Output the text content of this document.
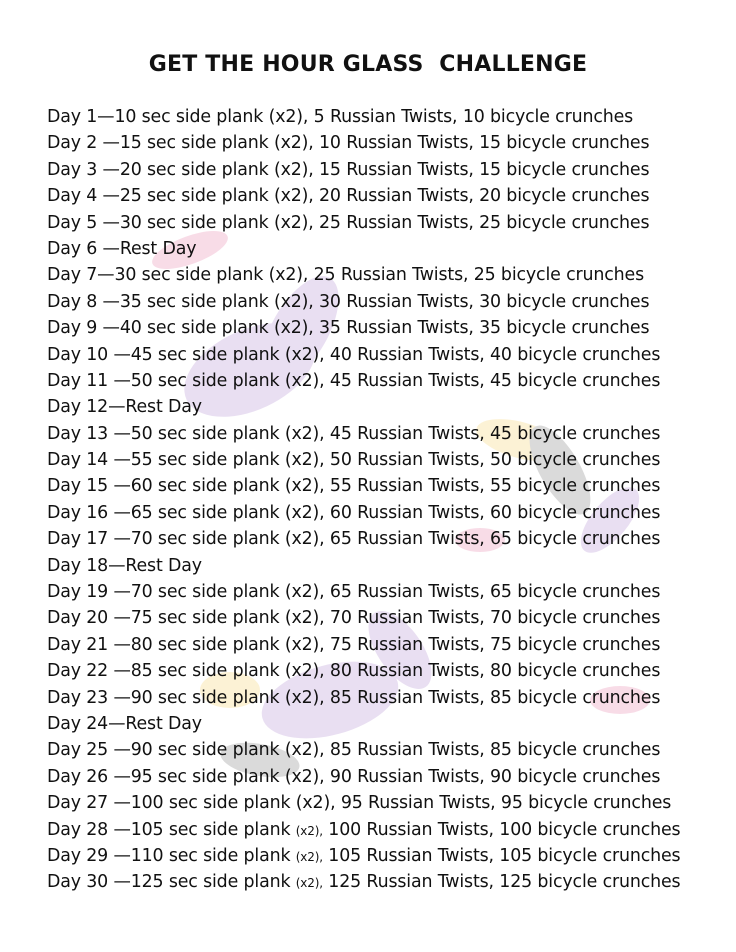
GET THE HOUR GLASS  CHALLENGE
Day 1—10 sec side plank (x2), 5 Russian Twists, 10 bicycle crunches
Day 2 —15 sec side plank (x2), 10 Russian Twists, 15 bicycle crunches
Day 3 —20 sec side plank (x2), 15 Russian Twists, 15 bicycle crunches
Day 4 —25 sec side plank (x2), 20 Russian Twists, 20 bicycle crunches
Day 5 —30 sec side plank (x2), 25 Russian Twists, 25 bicycle crunches
Day 6 —Rest Day
Day 7—30 sec side plank (x2), 25 Russian Twists, 25 bicycle crunches
Day 8 —35 sec side plank (x2), 30 Russian Twists, 30 bicycle crunches
Day 9 —40 sec side plank (x2), 35 Russian Twists, 35 bicycle crunches
Day 10 —45 sec side plank (x2), 40 Russian Twists, 40 bicycle crunches
Day 11 —50 sec side plank (x2), 45 Russian Twists, 45 bicycle crunches
Day 12—Rest Day
Day 13 —50 sec side plank (x2), 45 Russian Twists, 45 bicycle crunches
Day 14 —55 sec side plank (x2), 50 Russian Twists, 50 bicycle crunches
Day 15 —60 sec side plank (x2), 55 Russian Twists, 55 bicycle crunches
Day 16 —65 sec side plank (x2), 60 Russian Twists, 60 bicycle crunches
Day 17 —70 sec side plank (x2), 65 Russian Twists, 65 bicycle crunches
Day 18—Rest Day
Day 19 —70 sec side plank (x2), 65 Russian Twists, 65 bicycle crunches
Day 20 —75 sec side plank (x2), 70 Russian Twists, 70 bicycle crunches
Day 21 —80 sec side plank (x2), 75 Russian Twists, 75 bicycle crunches
Day 22 —85 sec side plank (x2), 80 Russian Twists, 80 bicycle crunches
Day 23 —90 sec side plank (x2), 85 Russian Twists, 85 bicycle crunches
Day 24—Rest Day
Day 25 —90 sec side plank (x2), 85 Russian Twists, 85 bicycle crunches
Day 26 —95 sec side plank (x2), 90 Russian Twists, 90 bicycle crunches
Day 27 —100 sec side plank (x2), 95 Russian Twists, 95 bicycle crunches
Day 28 —105 sec side plank (x2), 100 Russian Twists, 100 bicycle crunches
Day 29 —110 sec side plank (x2), 105 Russian Twists, 105 bicycle crunches
Day 30 —125 sec side plank (x2), 125 Russian Twists, 125 bicycle crunches
